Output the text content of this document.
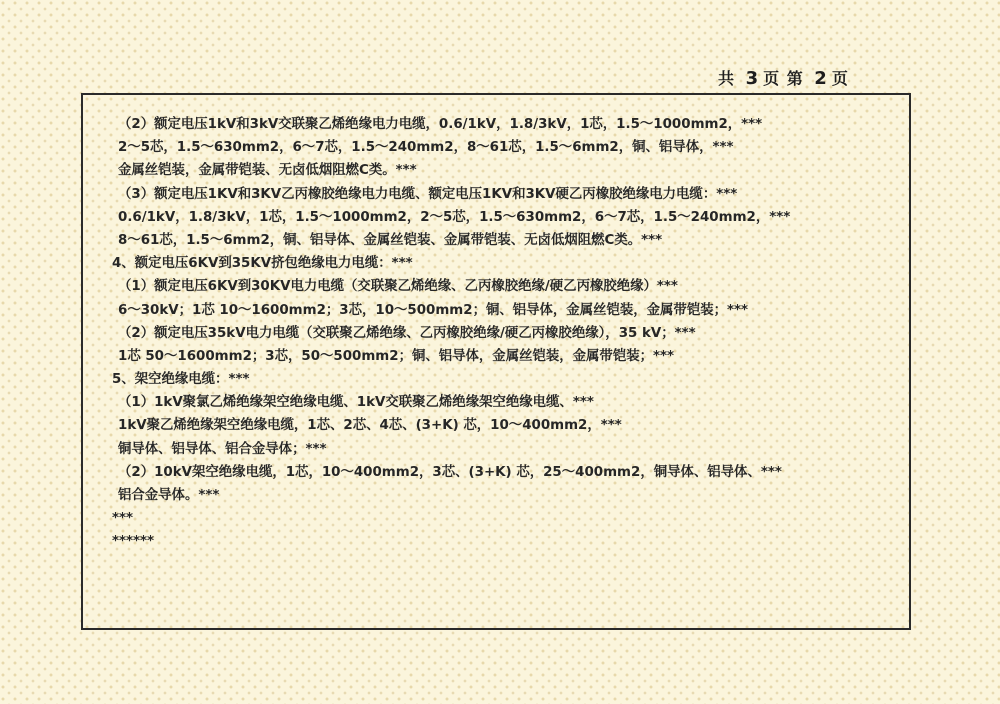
共 3 页 第 2 页
（2）额定电压1kV和3kV交联聚乙烯绝缘电力电缆，0.6/1kV，1.8/3kV，1芯，1.5～1000mm2，***
2～5芯，1.5～630mm2，6～7芯，1.5～240mm2，8～61芯，1.5～6mm2，铜、铝导体，***
金属丝铠装，金属带铠装、无卤低烟阻燃C类。***
（3）额定电压1KV和3KV乙丙橡胶绝缘电力电缆、额定电压1KV和3KV硬乙丙橡胶绝缘电力电缆：***
0.6/1kV，1.8/3kV，1芯，1.5～1000mm2，2～5芯，1.5～630mm2，6～7芯，1.5～240mm2，***
8～61芯，1.5～6mm2，铜、铝导体、金属丝铠装、金属带铠装、无卤低烟阻燃C类。***
4、额定电压6KV到35KV挤包绝缘电力电缆：***
（1）额定电压6KV到30KV电力电缆（交联聚乙烯绝缘、乙丙橡胶绝缘/硬乙丙橡胶绝缘）***
6～30kV；1芯 10～1600mm2；3芯，10～500mm2；铜、铝导体，金属丝铠装，金属带铠装；***
（2）额定电压35kV电力电缆（交联聚乙烯绝缘、乙丙橡胶绝缘/硬乙丙橡胶绝缘），35 kV；***
1芯 50～1600mm2；3芯，50～500mm2；铜、铝导体，金属丝铠装，金属带铠装；***
5、架空绝缘电缆：***
（1）1kV聚氯乙烯绝缘架空绝缘电缆、1kV交联聚乙烯绝缘架空绝缘电缆、***
1kV聚乙烯绝缘架空绝缘电缆，1芯、2芯、4芯、(3+K) 芯，10～400mm2，***
铜导体、铝导体、铝合金导体；***
（2）10kV架空绝缘电缆，1芯，10～400mm2，3芯、(3+K) 芯，25～400mm2，铜导体、铝导体、***
铝合金导体。***
***
******
